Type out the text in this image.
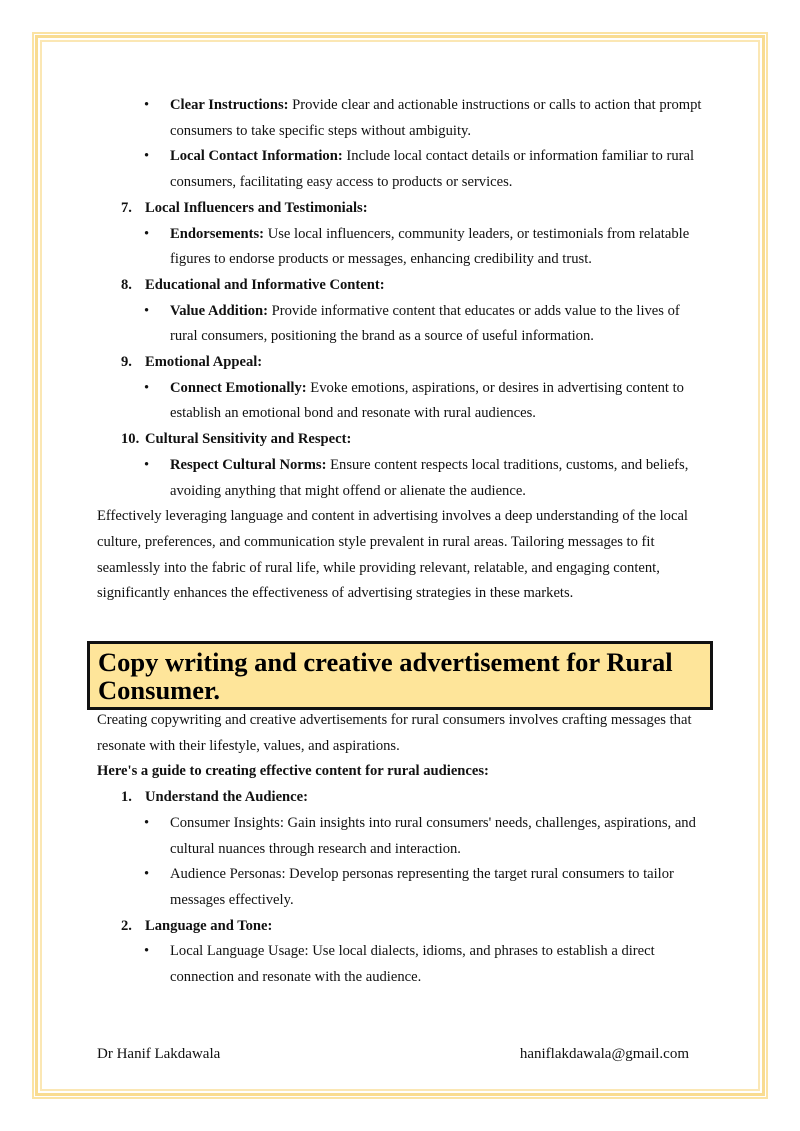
• Clear Instructions: Provide clear and actionable instructions or calls to action that prompt consumers to take specific steps without ambiguity.
• Local Contact Information: Include local contact details or information familiar to rural consumers, facilitating easy access to products or services.
7. Local Influencers and Testimonials:
• Endorsements: Use local influencers, community leaders, or testimonials from relatable figures to endorse products or messages, enhancing credibility and trust.
8. Educational and Informative Content:
• Value Addition: Provide informative content that educates or adds value to the lives of rural consumers, positioning the brand as a source of useful information.
9. Emotional Appeal:
• Connect Emotionally: Evoke emotions, aspirations, or desires in advertising content to establish an emotional bond and resonate with rural audiences.
10. Cultural Sensitivity and Respect:
• Respect Cultural Norms: Ensure content respects local traditions, customs, and beliefs, avoiding anything that might offend or alienate the audience.

Effectively leveraging language and content in advertising involves a deep understanding of the local culture, preferences, and communication style prevalent in rural areas. Tailoring messages to fit seamlessly into the fabric of rural life, while providing relevant, relatable, and engaging content, significantly enhances the effectiveness of advertising strategies in these markets.

Copy writing and creative advertisement for Rural Consumer.

Creating copywriting and creative advertisements for rural consumers involves crafting messages that resonate with their lifestyle, values, and aspirations.

Here's a guide to creating effective content for rural audiences:

1. Understand the Audience:
• Consumer Insights: Gain insights into rural consumers' needs, challenges, aspirations, and cultural nuances through research and interaction.
• Audience Personas: Develop personas representing the target rural consumers to tailor messages effectively.
2. Language and Tone:
• Local Language Usage: Use local dialects, idioms, and phrases to establish a direct connection and resonate with the audience.
Dr Hanif Lakdawala	haniflakdawala@gmail.com
